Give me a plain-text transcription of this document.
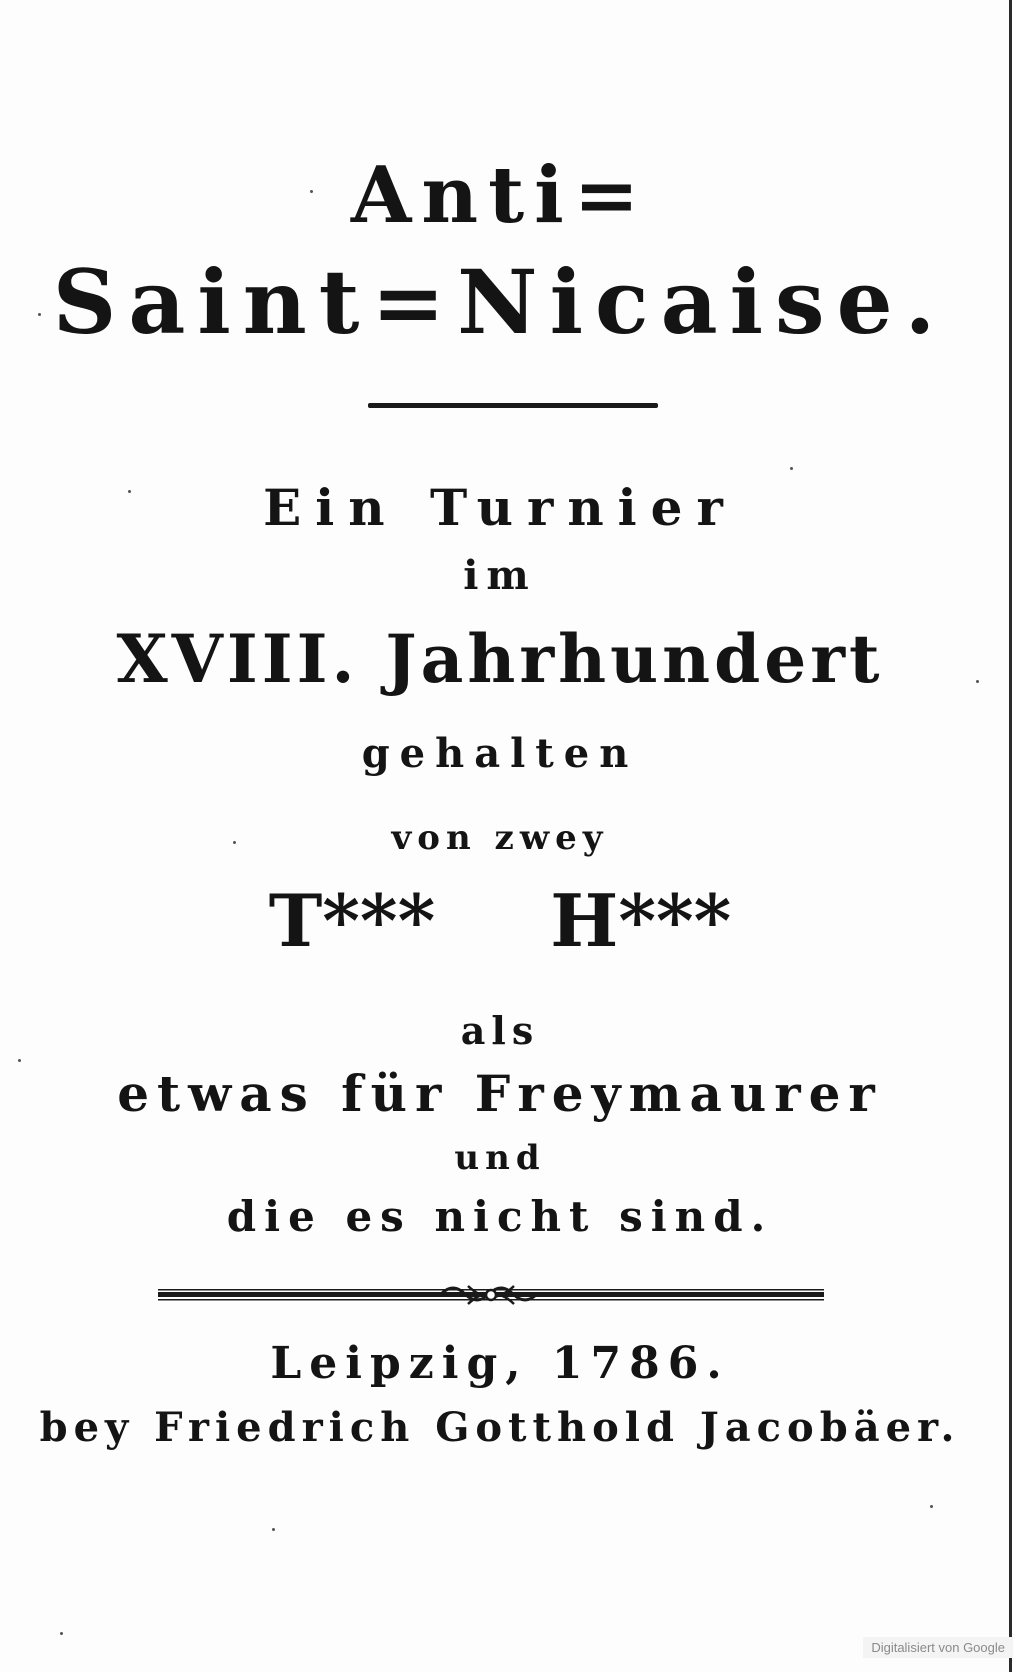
Anti=
Saint=Nicaise.
Ein Turnier
im
XVIII. Jahrhundert
gehalten
von zwey
T*** H***
als
etwas für Freymaurer
und
die es nicht sind.
Leipzig, 1786.
bey Friedrich Gotthold Jacobäer.
Digitalisiert von Google
